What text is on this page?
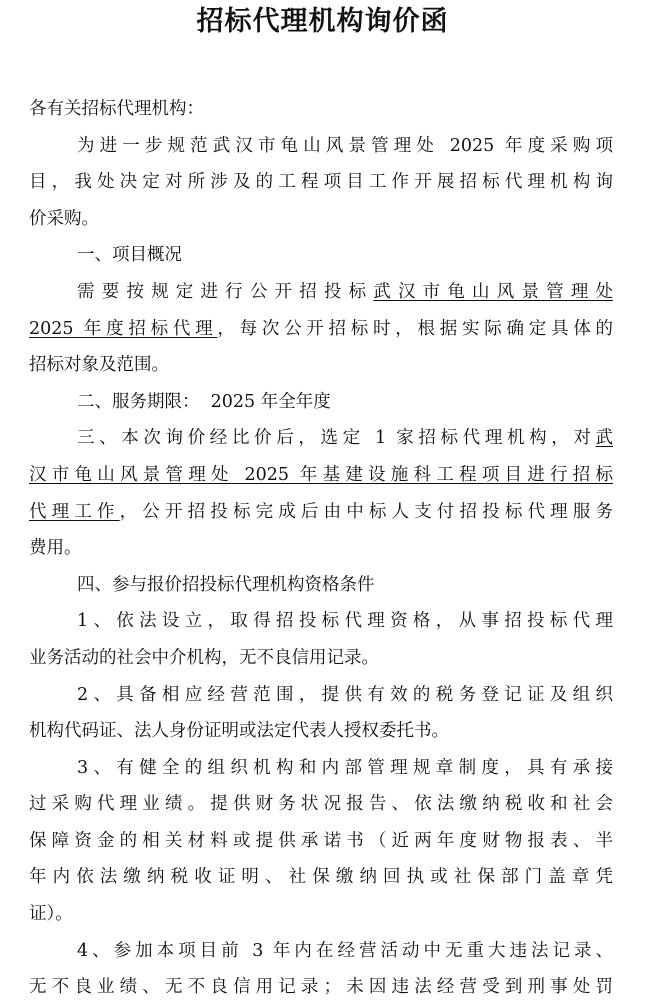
招标代理机构询价函
各有关招标代理机构：
为进一步规范武汉市龟山风景管理处 2025 年度采购项
目，我处决定对所涉及的工程项目工作开展招标代理机构询
价采购。
一、项目概况
需要按规定进行公开招投标武汉市龟山风景管理处
2025 年度招标代理，每次公开招标时，根据实际确定具体的
招标对象及范围。
二、服务期限：  2025 年全年度
三、本次询价经比价后，选定 1 家招标代理机构，对武
汉市龟山风景管理处 2025 年基建设施科工程项目进行招标
代理工作，公开招投标完成后由中标人支付招投标代理服务
费用。
四、参与报价招投标代理机构资格条件
1、依法设立，取得招投标代理资格，从事招投标代理
业务活动的社会中介机构，无不良信用记录。
2、具备相应经营范围，提供有效的税务登记证及组织
机构代码证、法人身份证明或法定代表人授权委托书。
3、有健全的组织机构和内部管理规章制度，具有承接
过采购代理业绩。提供财务状况报告、依法缴纳税收和社会
保障资金的相关材料或提供承诺书（近两年度财物报表、半
年内依法缴纳税收证明、社保缴纳回执或社保部门盖章凭
证）。
4、参加本项目前 3 年内在经营活动中无重大违法记录、
无不良业绩、无不良信用记录；未因违法经营受到刑事处罚
